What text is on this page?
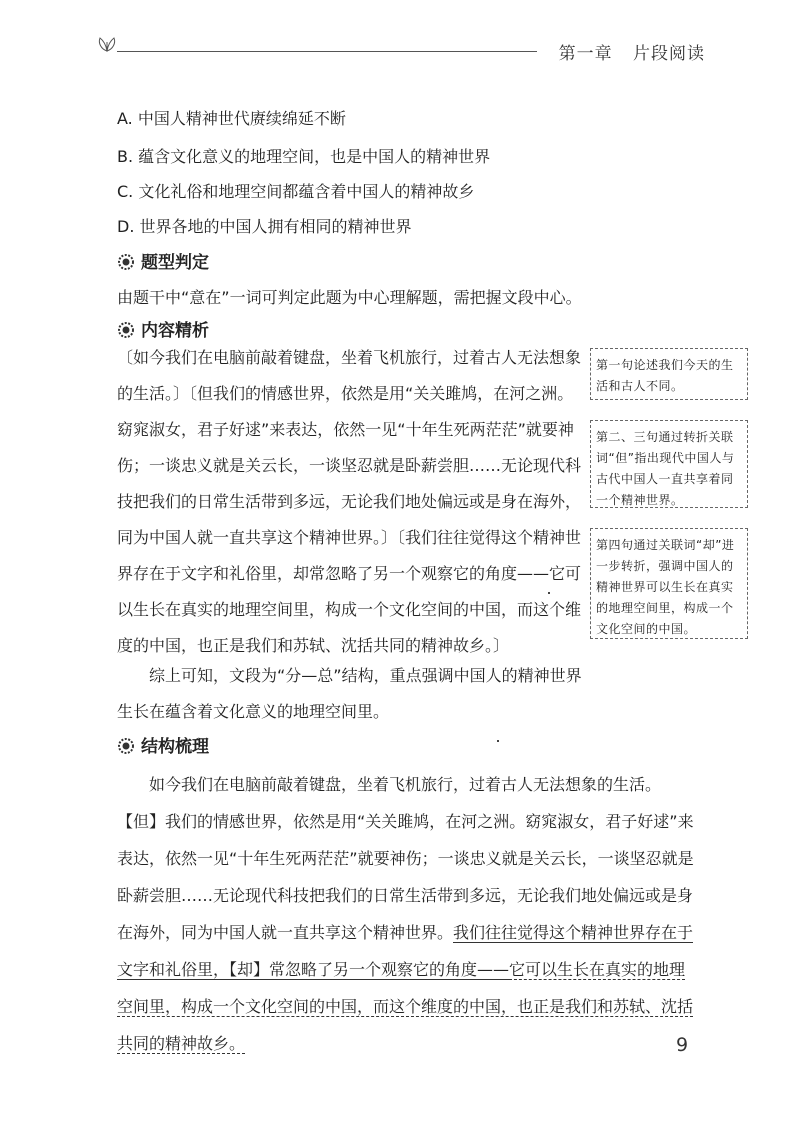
第一章 片段阅读
A. 中国人精神世代赓续绵延不断
B. 蕴含文化意义的地理空间，也是中国人的精神世界
C. 文化礼俗和地理空间都蕴含着中国人的精神故乡
D. 世界各地的中国人拥有相同的精神世界
题型判定
由题干中“意在”一词可判定此题为中心理解题，需把握文段中心。
内容精析

〔如今我们在电脑前敲着键盘，坐着飞机旅行，过着古人无法想象的生活。〕〔但我们的情感世界，依然是用“关关雎鸠，在河之洲。窈窕淑女，君子好逑”来表达，依然一见“十年生死两茫茫”就要神伤；一谈忠义就是关云长，一谈坚忍就是卧薪尝胆……无论现代科技把我们的日常生活带到多远，无论我们地处偏远或是身在海外，同为中国人就一直共享这个精神世界。〕〔我们往往觉得这个精神世界存在于文字和礼俗里，却常忽略了另一个观察它的角度——它可以生长在真实的地理空间里，构成一个文化空间的中国，而这个维度的中国，也正是我们和苏轼、沈括共同的精神故乡。〕

第一句论述我们今天的生活和古人不同。
第二、三句通过转折关联词“但”指出现代中国人与古代中国人一直共享着同一个精神世界。
第四句通过关联词“却”进一步转折，强调中国人的精神世界可以生长在真实的地理空间里，构成一个文化空间的中国。
综上可知，文段为“分—总”结构，重点强调中国人的精神世界生长在蕴含着文化意义的地理空间里。
结构梳理
如今我们在电脑前敲着键盘，坐着飞机旅行，过着古人无法想象的生活。【但】我们的情感世界，依然是用“关关雎鸠，在河之洲。窈窕淑女，君子好逑”来表达，依然一见“十年生死两茫茫”就要神伤；一谈忠义就是关云长，一谈坚忍就是卧薪尝胆……无论现代科技把我们的日常生活带到多远，无论我们地处偏远或是身在海外，同为中国人就一直共享这个精神世界。我们往往觉得这个精神世界存在于文字和礼俗里，【却】常忽略了另一个观察它的角度——它可以生长在真实的地理空间里，构成一个文化空间的中国，而这个维度的中国，也正是我们和苏轼、沈括共同的精神故乡。	9
